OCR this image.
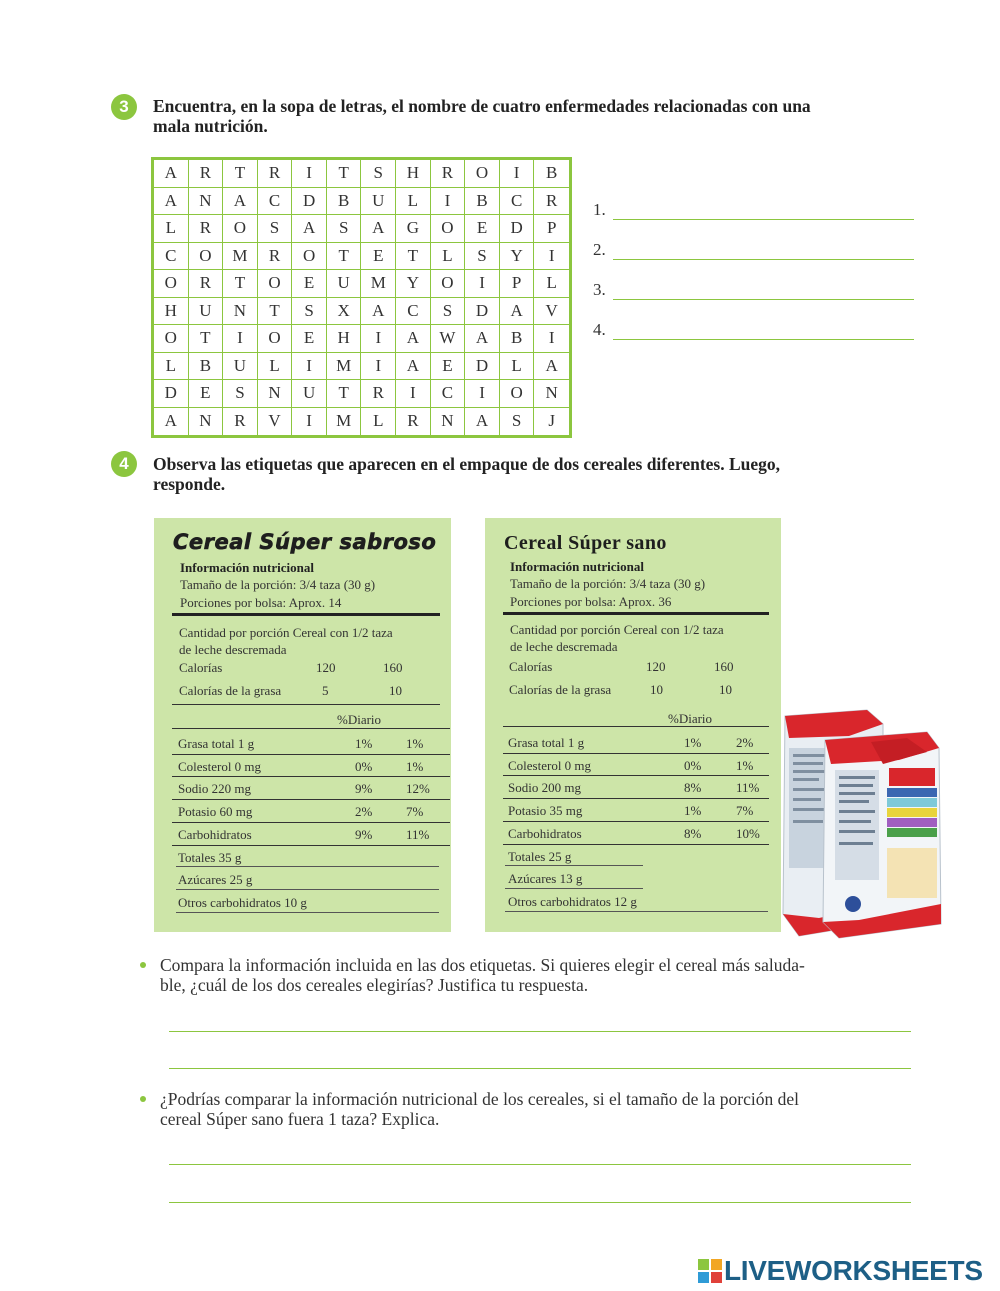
3	Encuentra, en la sopa de letras, el nombre de cuatro enfermedades relacionadas con una
mala nutrición.
A	R	T	R	I	T	S	H	R	O	I	B
A	N	A	C	D	B	U	L	I	B	C	R
L	R	O	S	A	S	A	G	O	E	D	P
C	O	M	R	O	T	E	T	L	S	Y	I
O	R	T	O	E	U	M	Y	O	I	P	L
H	U	N	T	S	X	A	C	S	D	A	V
O	T	I	O	E	H	I	A	W	A	B	I
L	B	U	L	I	M	I	A	E	D	L	A
D	E	S	N	U	T	R	I	C	I	O	N
A	N	R	V	I	M	L	R	N	A	S	J
1.
2.
3.
4.
4	Observa las etiquetas que aparecen en el empaque de dos cereales diferentes. Luego,
responde.
Cereal Súper sabroso
Información nutricional
Tamaño de la porción: 3/4 taza (30 g)
Porciones por bolsa: Aprox. 14
Cantidad por porción Cereal con 1/2 taza
de leche descremada
Calorías	120	160
Calorías de la grasa	5	10
%Diario
Grasa total 1 g	1%	1%
Colesterol 0 mg	0%	1%
Sodio 220 mg	9%	12%
Potasio 60 mg	2%	7%
Carbohidratos	9%	11%
Totales 35 g
Azúcares 25 g
Otros carbohidratos 10 g
Cereal Súper sano
Información nutricional
Tamaño de la porción: 3/4 taza (30 g)
Porciones por bolsa: Aprox. 36
Cantidad por porción Cereal con 1/2 taza
de leche descremada
Calorías	120	160
Calorías de la grasa	10	10
%Diario
Grasa total 1 g	1%	2%
Colesterol 0 mg	0%	1%
Sodio 200 mg	8%	11%
Potasio 35 mg	1%	7%
Carbohidratos	8%	10%
Totales 25 g
Azúcares 13 g
Otros carbohidratos 12 g
Compara la información incluida en las dos etiquetas. Si quieres elegir el cereal más saluda-
ble, ¿cuál de los dos cereales elegirías? Justifica tu respuesta.
¿Podrías comparar la información nutricional de los cereales, si el tamaño de la porción del
cereal Súper sano fuera 1 taza? Explica.
LIVEWORKSHEETS
